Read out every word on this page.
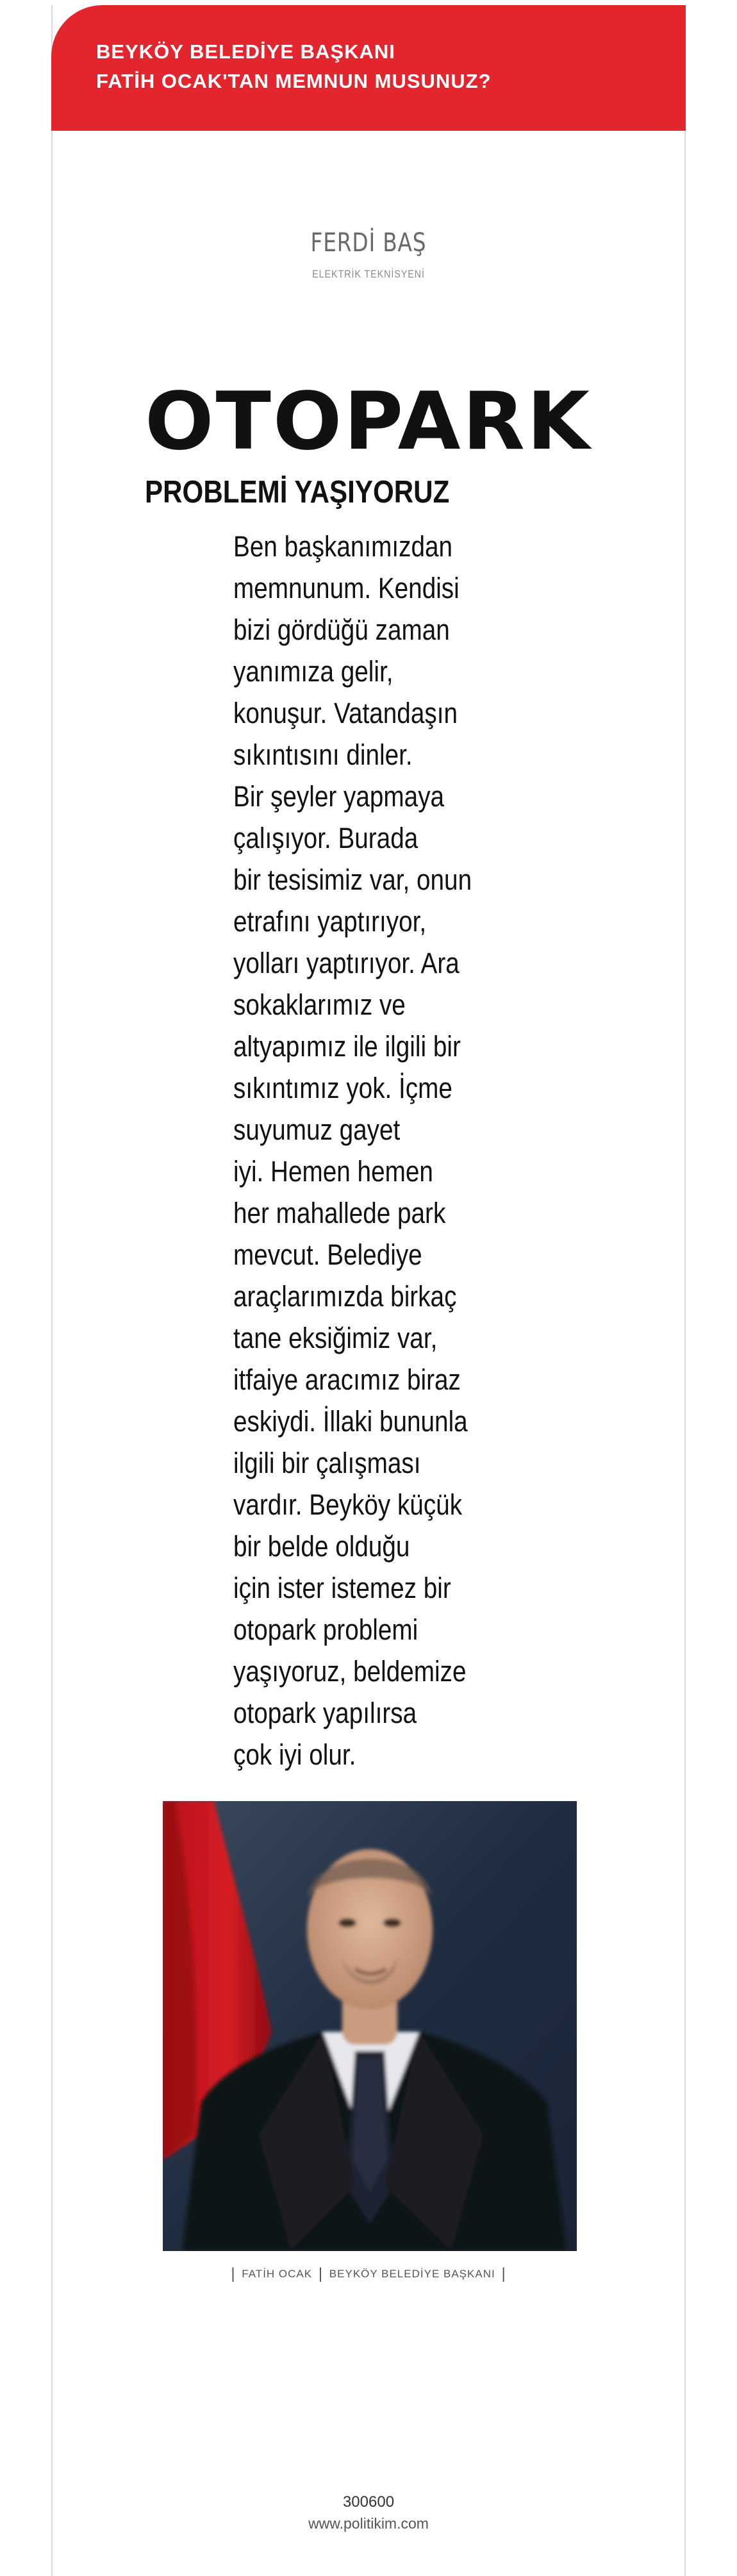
BEYKÖY BELEDİYE BAŞKANI
FATİH OCAK'TAN MEMNUN MUSUNUZ?
FERDİ BAŞ
ELEKTRİK TEKNİSYENİ
OTOPARK
PROBLEMİ YAŞIYORUZ
Ben başkanımızdan
memnunum. Kendisi
bizi gördüğü zaman
yanımıza gelir,
konuşur. Vatandaşın
sıkıntısını dinler.
Bir şeyler yapmaya
çalışıyor. Burada
bir tesisimiz var, onun
etrafını yaptırıyor,
yolları yaptırıyor. Ara
sokaklarımız ve
altyapımız ile ilgili bir
sıkıntımız yok. İçme
suyumuz gayet
iyi. Hemen hemen
her mahallede park
mevcut. Belediye
araçlarımızda birkaç
tane eksiğimiz var,
itfaiye aracımız biraz
eskiydi. İllaki bununla
ilgili bir çalışması
vardır. Beyköy küçük
bir belde olduğu
için ister istemez bir
otopark problemi
yaşıyoruz, beldemize
otopark yapılırsa
çok iyi olur.
| FATİH OCAK | BEYKÖY BELEDİYE BAŞKANI |
300600
www.politikim.com
